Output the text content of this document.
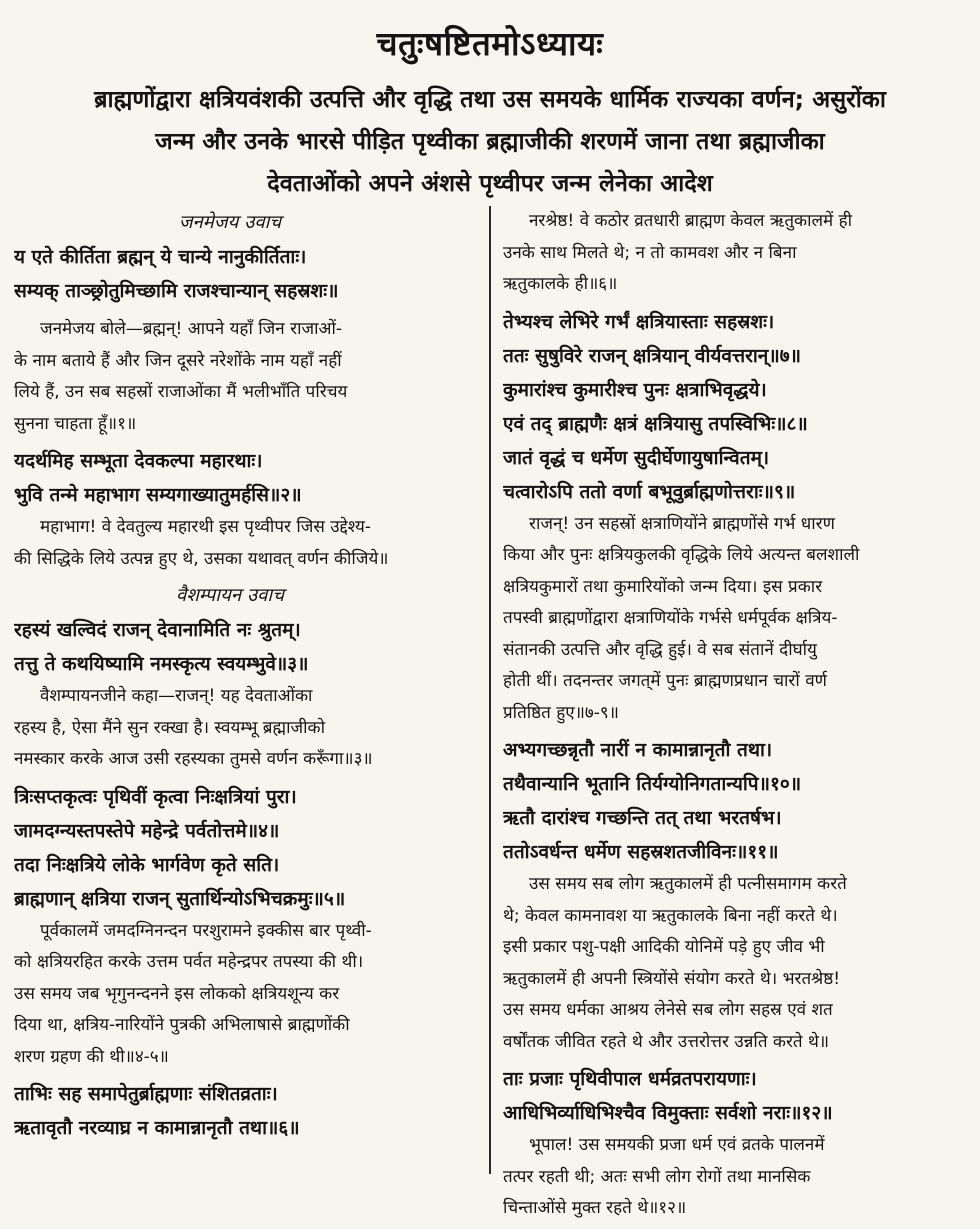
चतुःषष्टितमोऽध्यायः
ब्राह्मणोंद्वारा क्षत्रियवंशकी उत्पत्ति और वृद्धि तथा उस समयके धार्मिक राज्यका वर्णन; असुरोंका
जन्म और उनके भारसे पीड़ित पृथ्वीका ब्रह्माजीकी शरणमें जाना तथा ब्रह्माजीका
देवताओंको अपने अंशसे पृथ्वीपर जन्म लेनेका आदेश
जनमेजय उवाच
य एते कीर्तिता ब्रह्मन् ये चान्ये नानुकीर्तिताः।
सम्यक् ताञ्छ्रोतुमिच्छामि राजश्चान्यान् सहस्रशः॥
जनमेजय बोले—ब्रह्मन्! आपने यहाँ जिन राजाओं-
के नाम बताये हैं और जिन दूसरे नरेशोंके नाम यहाँ नहीं
लिये हैं, उन सब सहस्रों राजाओंका मैं भलीभाँति परिचय
सुनना चाहता हूँ॥१॥
यदर्थमिह सम्भूता देवकल्पा महारथाः।
भुवि तन्मे महाभाग सम्यगाख्यातुमर्हसि॥२॥
महाभाग! वे देवतुल्य महारथी इस पृथ्वीपर जिस उद्देश्य-
की सिद्धिके लिये उत्पन्न हुए थे, उसका यथावत् वर्णन कीजिये॥
वैशम्पायन उवाच
रहस्यं खल्विदं राजन् देवानामिति नः श्रुतम्।
तत्तु ते कथयिष्यामि नमस्कृत्य स्वयम्भुवे॥३॥
वैशम्पायनजीने कहा—राजन्! यह देवताओंका
रहस्य है, ऐसा मैंने सुन रक्खा है। स्वयम्भू ब्रह्माजीको
नमस्कार करके आज उसी रहस्यका तुमसे वर्णन करूँगा॥३॥
त्रिःसप्तकृत्वः पृथिवीं कृत्वा निःक्षत्रियां पुरा।
जामदग्न्यस्तपस्तेपे महेन्द्रे पर्वतोत्तमे॥४॥
तदा निःक्षत्रिये लोके भार्गवेण कृते सति।
ब्राह्मणान् क्षत्रिया राजन् सुतार्थिन्योऽभिचक्रमुः॥५॥
पूर्वकालमें जमदग्निनन्दन परशुरामने इक्कीस बार पृथ्वी-
को क्षत्रियरहित करके उत्तम पर्वत महेन्द्रपर तपस्या की थी।
उस समय जब भृगुनन्दनने इस लोकको क्षत्रियशून्य कर
दिया था, क्षत्रिय-नारियोंने पुत्रकी अभिलाषासे ब्राह्मणोंकी
शरण ग्रहण की थी॥४-५॥
ताभिः सह समापेतुर्ब्राह्मणाः संशितव्रताः।
ऋतावृतौ नरव्याघ्र न कामान्नानृतौ तथा॥६॥
नरश्रेष्ठ! वे कठोर व्रतधारी ब्राह्मण केवल ऋतुकालमें ही
उनके साथ मिलते थे; न तो कामवश और न बिना
ऋतुकालके ही॥६॥
तेभ्यश्च लेभिरे गर्भं क्षत्रियास्ताः सहस्रशः।
ततः सुषुविरे राजन् क्षत्रियान् वीर्यवत्तरान्॥७॥
कुमारांश्च कुमारीश्च पुनः क्षत्राभिवृद्धये।
एवं तद् ब्राह्मणैः क्षत्रं क्षत्रियासु तपस्विभिः॥८॥
जातं वृद्धं च धर्मेण सुदीर्घेणायुषान्वितम्।
चत्वारोऽपि ततो वर्णा बभूवुर्ब्राह्मणोत्तराः॥९॥
राजन्! उन सहस्रों क्षत्राणियोंने ब्राह्मणोंसे गर्भ धारण
किया और पुनः क्षत्रियकुलकी वृद्धिके लिये अत्यन्त बलशाली
क्षत्रियकुमारों तथा कुमारियोंको जन्म दिया। इस प्रकार
तपस्वी ब्राह्मणोंद्वारा क्षत्राणियोंके गर्भसे धर्मपूर्वक क्षत्रिय-
संतानकी उत्पत्ति और वृद्धि हुई। वे सब संतानें दीर्घायु
होती थीं। तदनन्तर जगत्‌में पुनः ब्राह्मणप्रधान चारों वर्ण
प्रतिष्ठित हुए॥७-९॥
अभ्यगच्छन्नृतौ नारीं न कामान्नानृतौ तथा।
तथैवान्यानि भूतानि तिर्यग्योनिगतान्यपि॥१०॥
ऋतौ दारांश्च गच्छन्ति तत् तथा भरतर्षभ।
ततोऽवर्धन्त धर्मेण सहस्रशतजीविनः॥११॥
उस समय सब लोग ऋतुकालमें ही पत्नीसमागम करते
थे; केवल कामनावश या ऋतुकालके बिना नहीं करते थे।
इसी प्रकार पशु-पक्षी आदिकी योनिमें पड़े हुए जीव भी
ऋतुकालमें ही अपनी स्त्रियोंसे संयोग करते थे। भरतश्रेष्ठ!
उस समय धर्मका आश्रय लेनेसे सब लोग सहस्र एवं शत
वर्षोंतक जीवित रहते थे और उत्तरोत्तर उन्नति करते थे॥
ताः प्रजाः पृथिवीपाल धर्मव्रतपरायणाः।
आधिभिर्व्याधिभिश्चैव विमुक्ताः सर्वशो नराः॥१२॥
भूपाल! उस समयकी प्रजा धर्म एवं व्रतके पालनमें
तत्पर रहती थी; अतः सभी लोग रोगों तथा मानसिक
चिन्ताओंसे मुक्त रहते थे॥१२॥
